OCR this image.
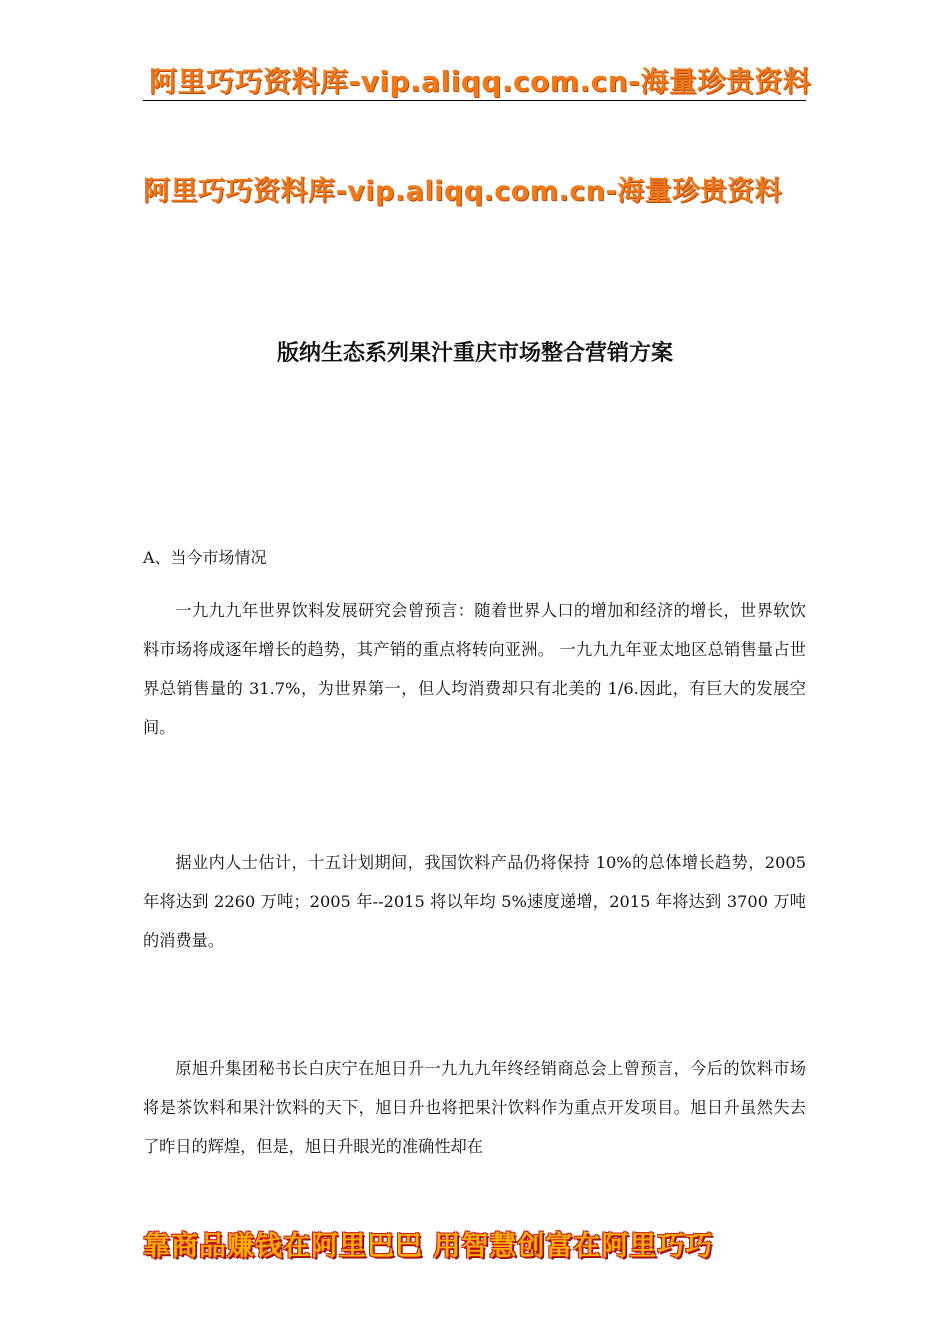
阿里巧巧资料库-vip.aliqq.com.cn-海量珍贵资料
阿里巧巧资料库-vip.aliqq.com.cn-海量珍贵资料
版纳生态系列果汁重庆市场整合营销方案

A、当今市场情况

一九九九年世界饮料发展研究会曾预言：随着世界人口的增加和经济的增长，世界软饮料市场将成逐年增长的趋势，其产销的重点将转向亚洲。 一九九九年亚太地区总销售量占世界总销售量的 31.7%，为世界第一，但人均消费却只有北美的 1/6.因此，有巨大的发展空间。

据业内人士估计，十五计划期间，我国饮料产品仍将保持 10%的总体增长趋势，2005 年将达到 2260 万吨；2005 年--2015 将以年均 5%速度递增，2015 年将达到 3700 万吨的消费量。

原旭升集团秘书长白庆宁在旭日升一九九九年终经销商总会上曾预言，今后的饮料市场将是茶饮料和果汁饮料的天下，旭日升也将把果汁饮料作为重点开发项目。旭日升虽然失去了昨日的辉煌，但是，旭日升眼光的准确性却在

靠商品赚钱在阿里巴巴 用智慧创富在阿里巧巧
